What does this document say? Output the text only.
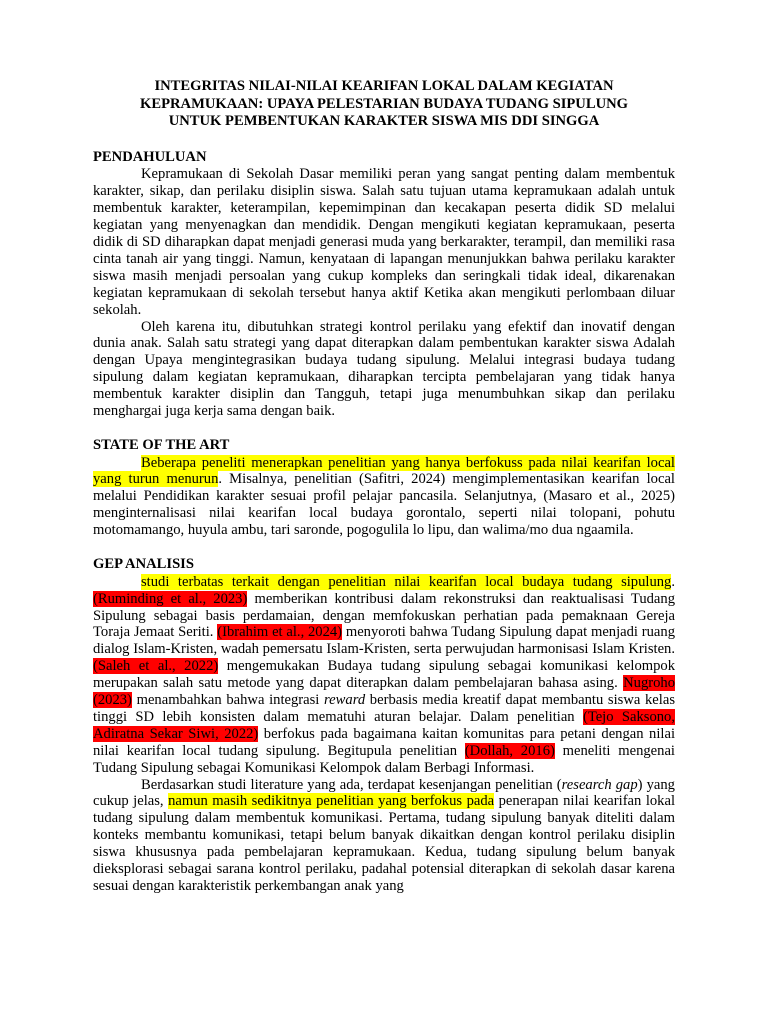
INTEGRITAS NILAI-NILAI KEARIFAN LOKAL DALAM KEGIATAN
KEPRAMUKAAN: UPAYA PELESTARIAN BUDAYA TUDANG SIPULUNG
UNTUK PEMBENTUKAN KARAKTER SISWA MIS DDI SINGGA
PENDAHULUAN

Kepramukaan di Sekolah Dasar memiliki peran yang sangat penting dalam membentuk karakter, sikap, dan perilaku disiplin siswa. Salah satu tujuan utama kepramukaan adalah untuk membentuk karakter, keterampilan, kepemimpinan dan kecakapan peserta didik SD melalui kegiatan yang menyenagkan dan mendidik. Dengan mengikuti kegiatan kepramukaan, peserta didik di SD diharapkan dapat menjadi generasi muda yang berkarakter, terampil, dan memiliki rasa cinta tanah air yang tinggi. Namun, kenyataan di lapangan menunjukkan bahwa perilaku karakter siswa masih menjadi persoalan yang cukup kompleks dan seringkali tidak ideal, dikarenakan kegiatan kepramukaan di sekolah tersebut hanya aktif Ketika akan mengikuti perlombaan diluar sekolah.

Oleh karena itu, dibutuhkan strategi kontrol perilaku yang efektif dan inovatif dengan dunia anak. Salah satu strategi yang dapat diterapkan dalam pembentukan karakter siswa Adalah dengan Upaya mengintegrasikan budaya tudang sipulung. Melalui integrasi budaya tudang sipulung dalam kegiatan kepramukaan, diharapkan tercipta pembelajaran yang tidak hanya membentuk karakter disiplin dan Tangguh, tetapi juga menumbuhkan sikap dan perilaku menghargai juga kerja sama dengan baik.

STATE OF THE ART

Beberapa peneliti menerapkan penelitian yang hanya berfokuss pada nilai kearifan local yang turun menurun. Misalnya, penelitian (Safitri, 2024) mengimplementasikan kearifan local melalui Pendidikan karakter sesuai profil pelajar pancasila. Selanjutnya, (Masaro et al., 2025) menginternalisasi nilai kearifan local budaya gorontalo, seperti nilai tolopani, pohutu motomamango, huyula ambu, tari saronde, pogogulila lo lipu, dan walima/mo dua ngaamila.

GEP ANALISIS

studi terbatas terkait dengan penelitian nilai kearifan local budaya tudang sipulung. (Ruminding et al., 2023) memberikan kontribusi dalam rekonstruksi dan reaktualisasi Tudang Sipulung sebagai basis perdamaian, dengan memfokuskan perhatian pada pemaknaan Gereja Toraja Jemaat Seriti. (Ibrahim et al., 2024) menyoroti bahwa Tudang Sipulung dapat menjadi ruang dialog Islam-Kristen, wadah pemersatu Islam-Kristen, serta perwujudan harmonisasi Islam Kristen. (Saleh et al., 2022) mengemukakan Budaya tudang sipulung sebagai komunikasi kelompok merupakan salah satu metode yang dapat diterapkan dalam pembelajaran bahasa asing. Nugroho (2023) menambahkan bahwa integrasi reward berbasis media kreatif dapat membantu siswa kelas tinggi SD lebih konsisten dalam mematuhi aturan belajar. Dalam penelitian (Tejo Saksono, Adiratna Sekar Siwi, 2022) berfokus pada bagaimana kaitan komunitas para petani dengan nilai nilai kearifan local tudang sipulung. Begitupula penelitian (Dollah, 2016) meneliti mengenai Tudang Sipulung sebagai Komunikasi Kelompok dalam Berbagi Informasi.

Berdasarkan studi literature yang ada, terdapat kesenjangan penelitian (research gap) yang cukup jelas, namun masih sedikitnya penelitian yang berfokus pada penerapan nilai kearifan lokal tudang sipulung dalam membentuk komunikasi. Pertama, tudang sipulung banyak diteliti dalam konteks membantu komunikasi, tetapi belum banyak dikaitkan dengan kontrol perilaku disiplin siswa khususnya pada pembelajaran kepramukaan. Kedua, tudang sipulung belum banyak dieksplorasi sebagai sarana kontrol perilaku, padahal potensial diterapkan di sekolah dasar karena sesuai dengan karakteristik perkembangan anak yang
